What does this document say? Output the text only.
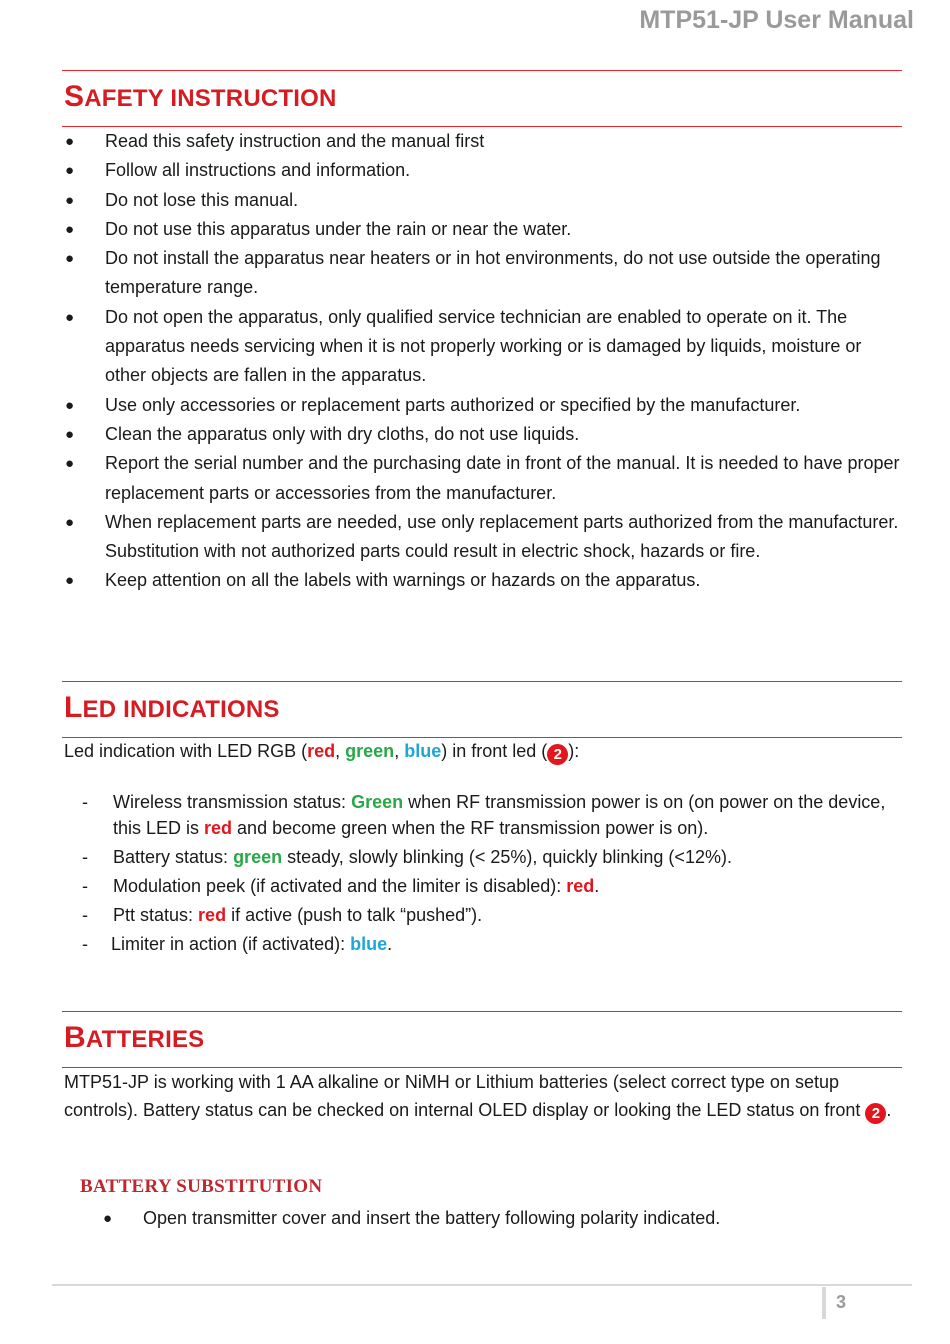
MTP51-JP User Manual
SAFETY INSTRUCTION
● Read this safety instruction and the manual first
● Follow all instructions and information.
● Do not lose this manual.
● Do not use this apparatus under the rain or near the water.
● Do not install the apparatus near heaters or in hot environments, do not use outside the operating temperature range.
● Do not open the apparatus, only qualified service technician are enabled to operate on it. The apparatus needs servicing when it is not properly working or is damaged by liquids, moisture or other objects are fallen in the apparatus.
● Use only accessories or replacement parts authorized or specified by the manufacturer.
● Clean the apparatus only with dry cloths, do not use liquids.
● Report the serial number and the purchasing date in front of the manual. It is needed to have proper replacement parts or accessories from the manufacturer.
● When replacement parts are needed, use only replacement parts authorized from the manufacturer. Substitution with not authorized parts could result in electric shock, hazards or fire.
● Keep attention on all the labels with warnings or hazards on the apparatus.
LED INDICATIONS
Led indication with LED RGB (red, green, blue) in front led ( 2 ):
- Wireless transmission status: Green when RF transmission power is on (on power on the device, this LED is red and become green when the RF transmission power is on).
- Battery status: green steady, slowly blinking (< 25%), quickly blinking (<12%).
- Modulation peek (if activated and the limiter is disabled): red.
- Ptt status: red if active (push to talk “pushed”).
- Limiter in action (if activated): blue.
BATTERIES
MTP51-JP is working with 1 AA alkaline or NiMH or Lithium batteries (select correct type on setup controls). Battery status can be checked on internal OLED display or looking the LED status on front 2 .
BATTERY SUBSTITUTION
● Open transmitter cover and insert the battery following polarity indicated.
3
